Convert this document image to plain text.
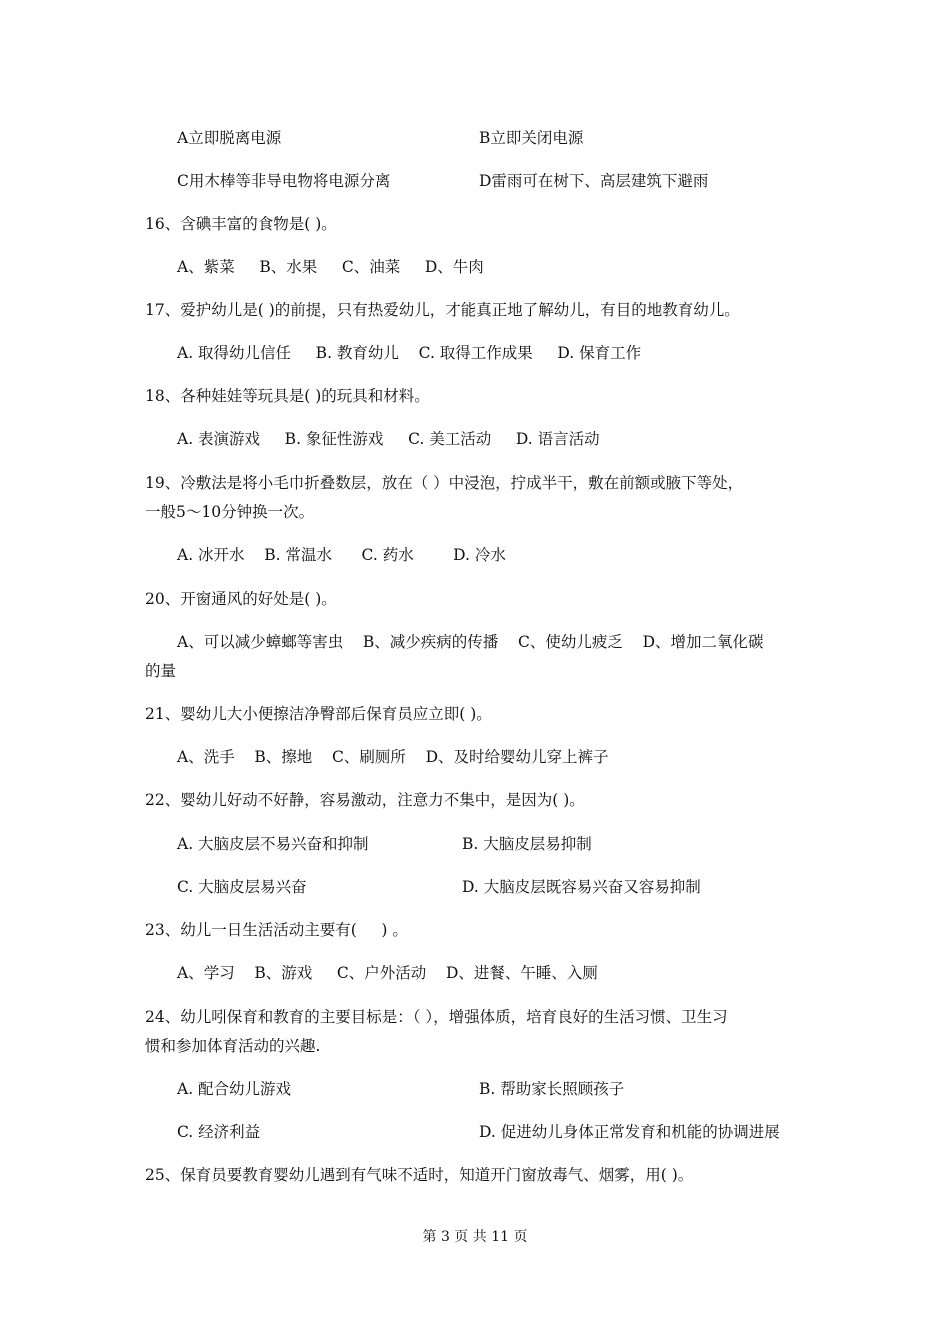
A立即脱离电源	B立即关闭电源
C用木棒等非导电物将电源分离	D雷雨可在树下、高层建筑下避雨
16、含碘丰富的食物是( )。
A、紫菜     B、水果     C、油菜     D、牛肉
17、爱护幼儿是( )的前提，只有热爱幼儿，才能真正地了解幼儿，有目的地教育幼儿。
A. 取得幼儿信任     B. 教育幼儿    C. 取得工作成果     D. 保育工作
18、各种娃娃等玩具是( )的玩具和材料。
A. 表演游戏     B. 象征性游戏     C. 美工活动     D. 语言活动
19、冷敷法是将小毛巾折叠数层，放在（ ）中浸泡，拧成半干，敷在前额或腋下等处，
一般5～10分钟换一次。
A. 冰开水    B. 常温水      C. 药水        D. 冷水
20、开窗通风的好处是( )。
A、可以减少蟑螂等害虫    B、减少疾病的传播    C、使幼儿疲乏    D、增加二氧化碳
的量
21、婴幼儿大小便擦洁净臀部后保育员应立即( )。
A、洗手    B、擦地    C、刷厕所    D、及时给婴幼儿穿上裤子
22、婴幼儿好动不好静，容易激动，注意力不集中，是因为( )。
A. 大脑皮层不易兴奋和抑制	B. 大脑皮层易抑制
C. 大脑皮层易兴奋	D. 大脑皮层既容易兴奋又容易抑制
23、幼儿一日生活活动主要有(     ) 。
A、学习    B、游戏     C、户外活动    D、进餐、午睡、入厕
24、幼儿吲保育和教育的主要目标是：（ ），增强体质，培育良好的生活习惯、卫生习
惯和参加体育活动的兴趣.
A. 配合幼儿游戏	B. 帮助家长照顾孩子
C. 经济利益	D. 促进幼儿身体正常发育和机能的协调进展
25、保育员要教育婴幼儿遇到有气味不适时，知道开门窗放毒气、烟雾，用( )。
第 3 页 共 11 页
